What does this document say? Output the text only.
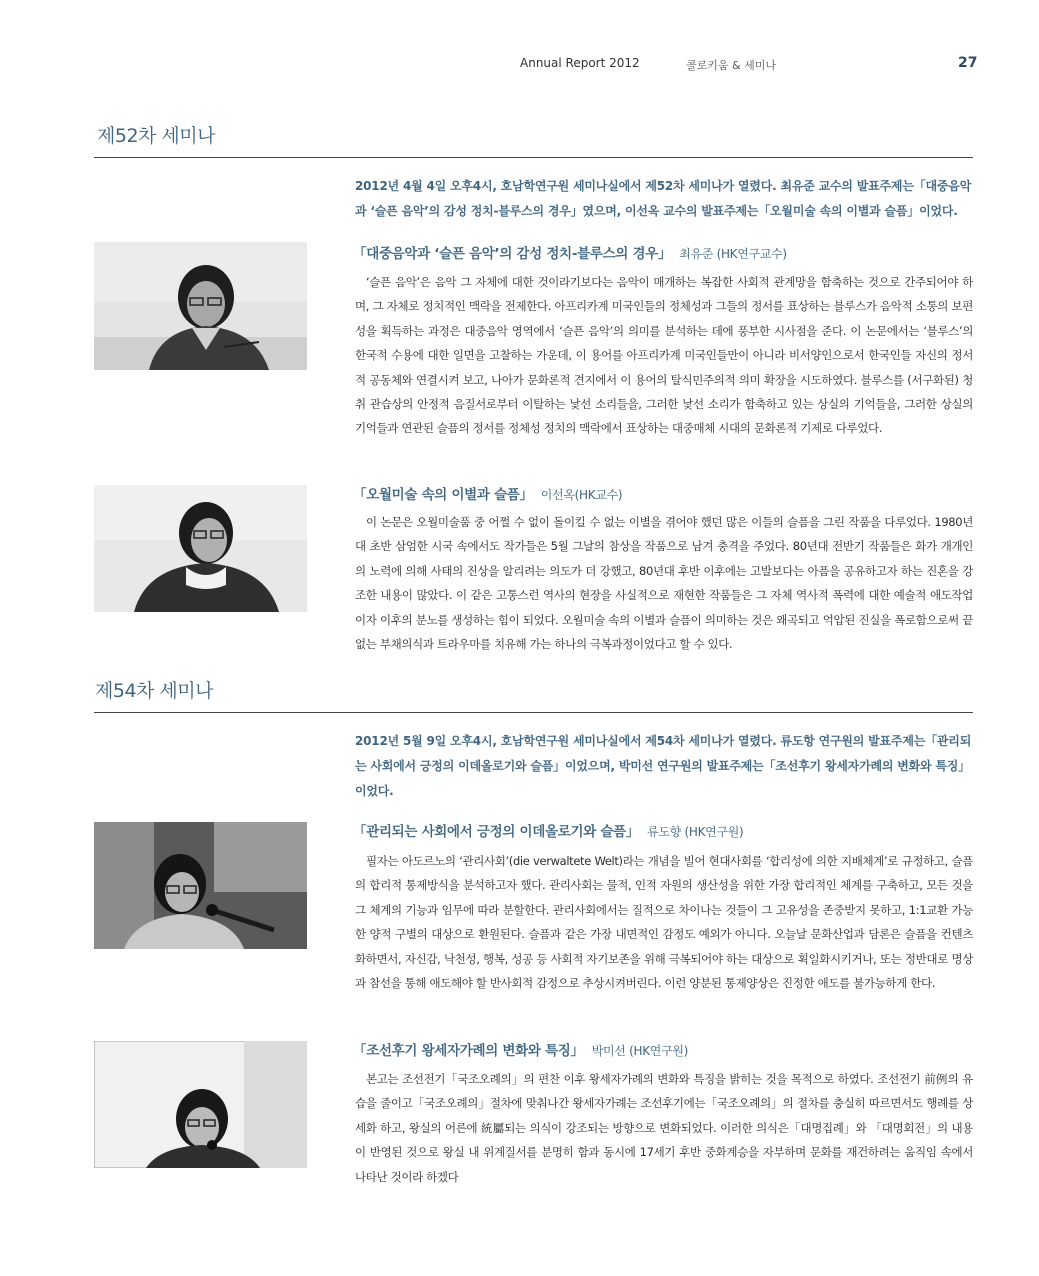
Annual Report 2012	콜로키움 & 세미나	27
제52차 세미나
2012년 4월 4일 오후4시, 호남학연구원 세미나실에서 제52차 세미나가 열렸다. 최유준 교수의 발표주제는「대중음악과 ‘슬픈 음악’의 감성 정치-블루스의 경우」였으며, 이선옥 교수의 발표주제는「오월미술 속의 이별과 슬픔」이었다.
「대중음악과 ‘슬픈 음악’의 감성 정치-블루스의 경우」 최유준 (HK연구교수)
‘슬픈 음악’은 음악 그 자체에 대한 것이라기보다는 음악이 매개하는 복잡한 사회적 관계망을 함축하는 것으로 간주되어야 하며, 그 자체로 정치적인 맥락을 전제한다. 아프리카계 미국인들의 정체성과 그들의 정서를 표상하는 블루스가 음악적 소통의 보편성을 획득하는 과정은 대중음악 영역에서 ‘슬픈 음악’의 의미를 분석하는 데에 풍부한 시사점을 준다. 이 논문에서는 ‘블루스’의 한국적 수용에 대한 일면을 고찰하는 가운데, 이 용어를 아프리카계 미국인들만이 아니라 비서양인으로서 한국인들 자신의 정서적 공동체와 연결시켜 보고, 나아가 문화론적 견지에서 이 용어의 탈식민주의적 의미 확장을 시도하였다. 블루스를 (서구화된) 청취 관습상의 안정적 음질서로부터 이탈하는 낯선 소리들을, 그러한 낯선 소리가 함축하고 있는 상실의 기억들을, 그러한 상실의 기억들과 연관된 슬픔의 정서를 정체성 정치의 맥락에서 표상하는 대중매체 시대의 문화론적 기제로 다루었다.
「오월미술 속의 이별과 슬픔」 이선옥(HK교수)
이 논문은 오월미술품 중 어쩔 수 없이 돌이킬 수 없는 이별을 겪어야 했던 많은 이들의 슬픔을 그린 작품을 다루었다. 1980년대 초반 삼엄한 시국 속에서도 작가들은 5월 그날의 참상을 작품으로 남겨 충격을 주었다. 80년대 전반기 작품들은 화가 개개인의 노력에 의해 사태의 진상을 알리려는 의도가 더 강했고, 80년대 후반 이후에는 고발보다는 아픔을 공유하고자 하는 진혼을 강조한 내용이 많았다. 이 같은 고통스런 역사의 현장을 사실적으로 재현한 작품들은 그 자체 역사적 폭력에 대한 예술적 애도작업이자 이후의 분노를 생성하는 힘이 되었다. 오월미술 속의 이별과 슬픔이 의미하는 것은 왜곡되고 억압된 진실을 폭로함으로써 끝없는 부채의식과 트라우마를 치유해 가는 하나의 극복과정이었다고 할 수 있다.
제54차 세미나
2012년 5월 9일 오후4시, 호남학연구원 세미나실에서 제54차 세미나가 열렸다. 류도항 연구원의 발표주제는「관리되는 사회에서 긍정의 이데올로기와 슬픔」이었으며, 박미선 연구원의 발표주제는「조선후기 왕세자가례의 변화와 특징」이었다.
「관리되는 사회에서 긍정의 이데올로기와 슬픔」 류도향 (HK연구원)
필자는 아도르노의 ‘관리사회’(die verwaltete Welt)라는 개념을 빌어 현대사회를 ‘합리성에 의한 지배체계’로 규정하고, 슬픔의 합리적 통제방식을 분석하고자 했다. 관리사회는 물적, 인적 자원의 생산성을 위한 가장 합리적인 체계를 구축하고, 모든 것을 그 체계의 기능과 임무에 따라 분할한다. 관리사회에서는 질적으로 차이나는 것들이 그 고유성을 존중받지 못하고, 1:1교환 가능한 양적 구별의 대상으로 환원된다. 슬픔과 같은 가장 내면적인 감정도 예외가 아니다. 오늘날 문화산업과 담론은 슬픔을 컨텐츠화하면서, 자신감, 낙천성, 행복, 성공 등 사회적 자기보존을 위해 극복되어야 하는 대상으로 획일화시키거나, 또는 정반대로 명상과 참선을 통해 애도해야 할 반사회적 감정으로 추상시켜버린다. 이런 양분된 통제양상은 진정한 애도를 불가능하게 한다.
「조선후기 왕세자가례의 변화와 특징」 박미선 (HK연구원)
본고는 조선전기「국조오례의」의 편찬 이후 왕세자가례의 변화와 특징을 밝히는 것을 목적으로 하였다. 조선전기 前例의 유습을 줄이고「국조오례의」절차에 맞춰나간 왕세자가례는 조선후기에는「국조오례의」의 절차를 충실히 따르면서도 행례를 상세화 하고, 왕실의 어른에 統屬되는 의식이 강조되는 방향으로 변화되었다. 이러한 의식은「대명집례」와 「대명회전」의 내용이 반영된 것으로 왕실 내 위계질서를 분명히 함과 동시에 17세기 후반 중화계승을 자부하며 문화를 재건하려는 움직임 속에서 나타난 것이라 하겠다
